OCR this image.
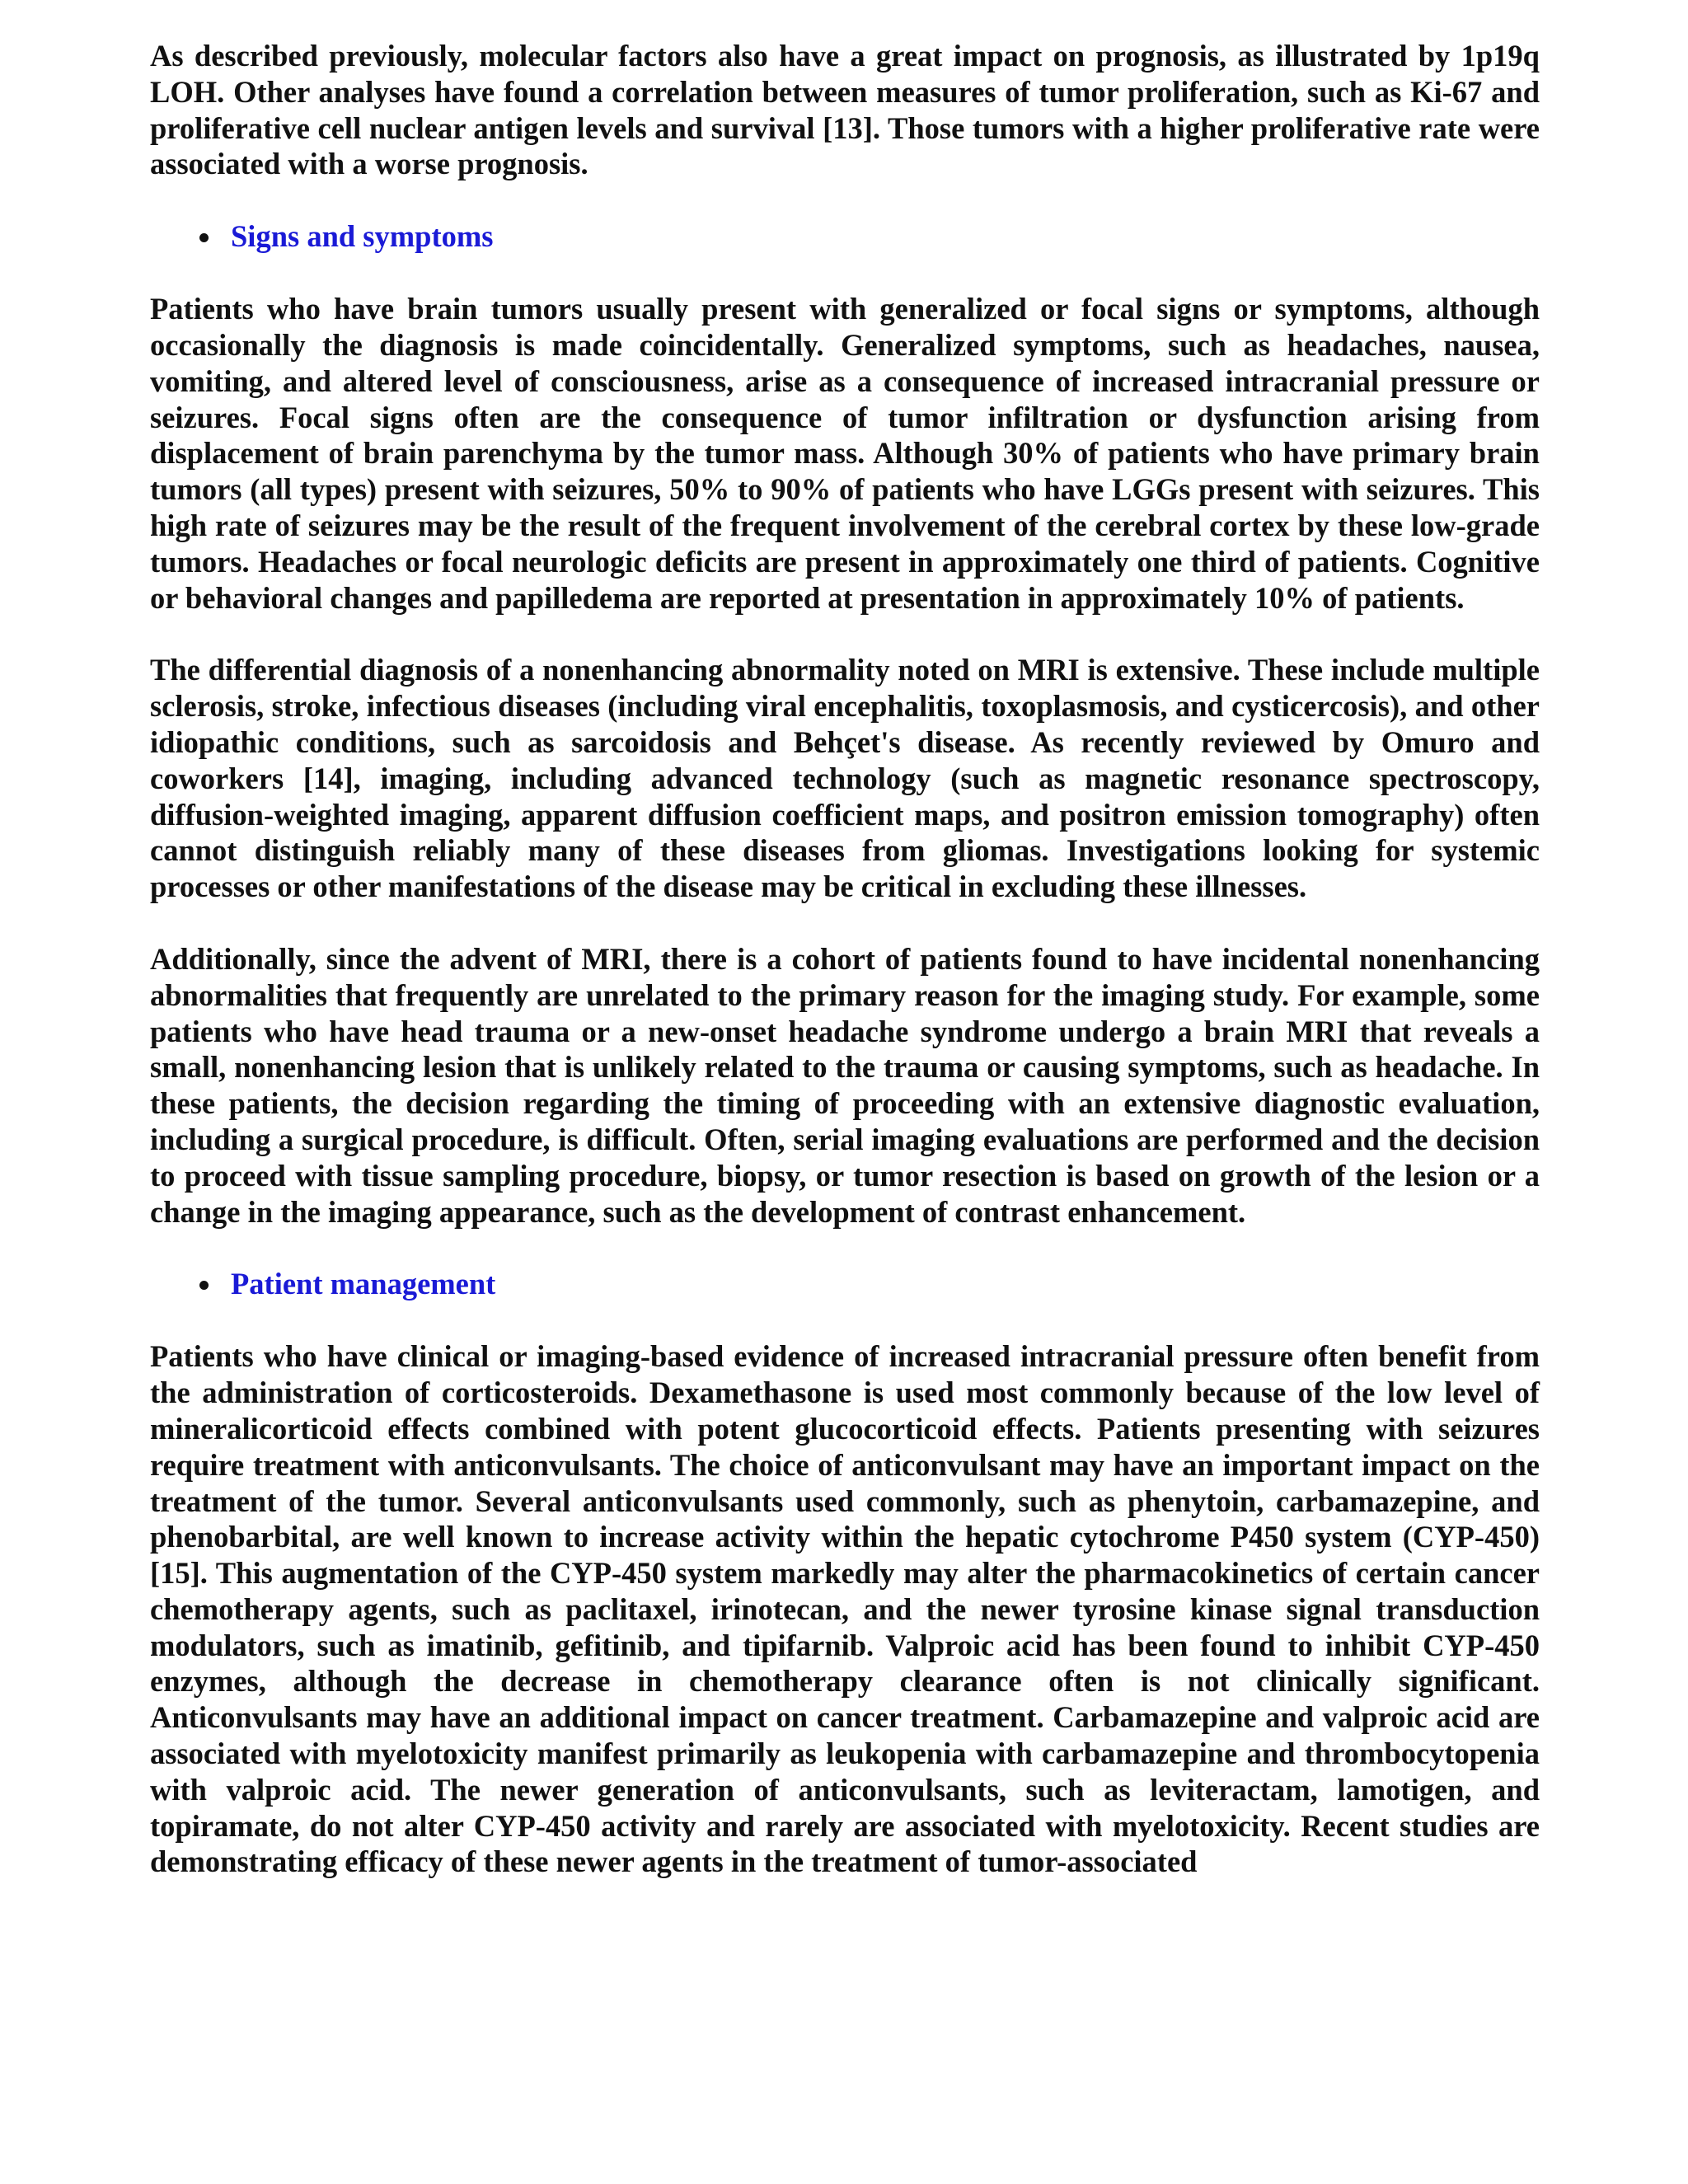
As described previously, molecular factors also have a great impact on prognosis, as illustrated by 1p19q LOH. Other analyses have found a correlation between measures of tumor proliferation, such as Ki-67 and proliferative cell nuclear antigen levels and survival [13]. Those tumors with a higher proliferative rate were associated with a worse prognosis.

Signs and symptoms

Patients who have brain tumors usually present with generalized or focal signs or symptoms, although occasionally the diagnosis is made coincidentally. Generalized symptoms, such as headaches, nausea, vomiting, and altered level of consciousness, arise as a consequence of increased intracranial pressure or seizures. Focal signs often are the consequence of tumor infiltration or dysfunction arising from displacement of brain parenchyma by the tumor mass. Although 30% of patients who have primary brain tumors (all types) present with seizures, 50% to 90% of patients who have LGGs present with seizures. This high rate of seizures may be the result of the frequent involvement of the cerebral cortex by these low-grade tumors. Headaches or focal neurologic deficits are present in approximately one third of patients. Cognitive or behavioral changes and papilledema are reported at presentation in approximately 10% of patients.

The differential diagnosis of a nonenhancing abnormality noted on MRI is extensive. These include multiple sclerosis, stroke, infectious diseases (including viral encephalitis, toxoplasmosis, and cysticercosis), and other idiopathic conditions, such as sarcoidosis and Behçet's disease. As recently reviewed by Omuro and coworkers [14], imaging, including advanced technology (such as magnetic resonance spectroscopy, diffusion-weighted imaging, apparent diffusion coefficient maps, and positron emission tomography) often cannot distinguish reliably many of these diseases from gliomas. Investigations looking for systemic processes or other manifestations of the disease may be critical in excluding these illnesses.

Additionally, since the advent of MRI, there is a cohort of patients found to have incidental nonenhancing abnormalities that frequently are unrelated to the primary reason for the imaging study. For example, some patients who have head trauma or a new-onset headache syndrome undergo a brain MRI that reveals a small, nonenhancing lesion that is unlikely related to the trauma or causing symptoms, such as headache. In these patients, the decision regarding the timing of proceeding with an extensive diagnostic evaluation, including a surgical procedure, is difficult. Often, serial imaging evaluations are performed and the decision to proceed with tissue sampling procedure, biopsy, or tumor resection is based on growth of the lesion or a change in the imaging appearance, such as the development of contrast enhancement.

Patient management

Patients who have clinical or imaging-based evidence of increased intracranial pressure often benefit from the administration of corticosteroids. Dexamethasone is used most commonly because of the low level of mineralicorticoid effects combined with potent glucocorticoid effects. Patients presenting with seizures require treatment with anticonvulsants. The choice of anticonvulsant may have an important impact on the treatment of the tumor. Several anticonvulsants used commonly, such as phenytoin, carbamazepine, and phenobarbital, are well known to increase activity within the hepatic cytochrome P450 system (CYP-450) [15]. This augmentation of the CYP-450 system markedly may alter the pharmacokinetics of certain cancer chemotherapy agents, such as paclitaxel, irinotecan, and the newer tyrosine kinase signal transduction modulators, such as imatinib, gefitinib, and tipifarnib. Valproic acid has been found to inhibit CYP-450 enzymes, although the decrease in chemotherapy clearance often is not clinically significant. Anticonvulsants may have an additional impact on cancer treatment. Carbamazepine and valproic acid are associated with myelotoxicity manifest primarily as leukopenia with carbamazepine and thrombocytopenia with valproic acid. The newer generation of anticonvulsants, such as leviteractam, lamotigen, and topiramate, do not alter CYP-450 activity and rarely are associated with myelotoxicity. Recent studies are demonstrating efficacy of these newer agents in the treatment of tumor-associated
